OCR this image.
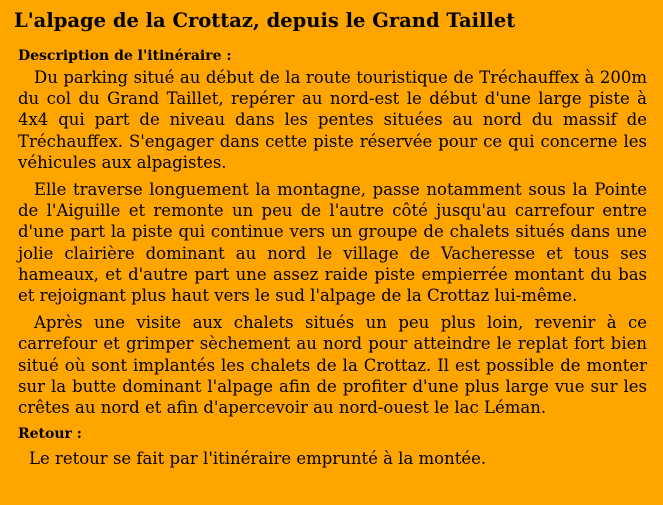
L'alpage de la Crottaz, depuis le Grand Taillet
Description de l'itinéraire :

Du parking situé au début de la route touristique de Tréchauffex à 200m du col du Grand Taillet, repérer au nord-est le début d'une large piste à 4x4 qui part de niveau dans les pentes situées au nord du massif de Tréchauffex. S'engager dans cette piste réservée pour ce qui concerne les véhicules aux alpagistes.

Elle traverse longuement la montagne, passe notamment sous la Pointe de l'Aiguille et remonte un peu de l'autre côté jusqu'au carrefour entre d'une part la piste qui continue vers un groupe de chalets situés dans une jolie clairière dominant au nord le village de Vacheresse et tous ses hameaux, et d'autre part une assez raide piste empierrée montant du bas et rejoignant plus haut vers le sud l'alpage de la Crottaz lui-même.

Après une visite aux chalets situés un peu plus loin, revenir à ce carrefour et grimper sèchement au nord pour atteindre le replat fort bien situé où sont implantés les chalets de la Crottaz. Il est possible de monter sur la butte dominant l'alpage afin de profiter d'une plus large vue sur les crêtes au nord et afin d'apercevoir au nord-ouest le lac Léman.

Retour :

Le retour se fait par l'itinéraire emprunté à la montée.
